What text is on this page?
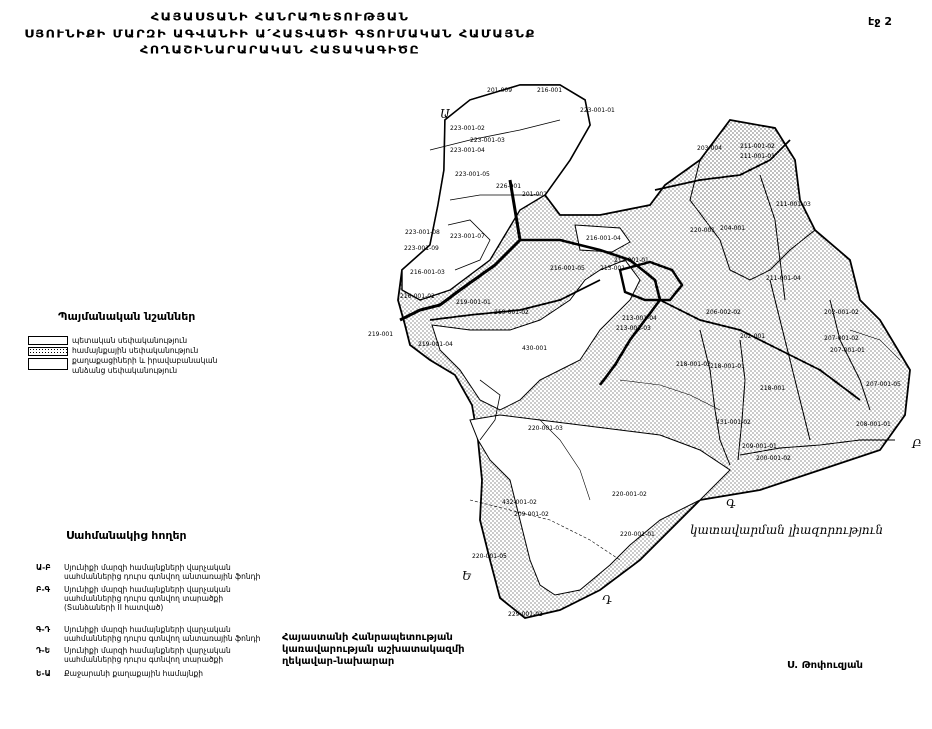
ՀԱՅԱՍՏԱՆԻ ՀԱՆՐԱՊԵՏՈՒԹՅԱՆ
ՍՅՈՒՆԻՔԻ ՄԱՐԶԻ ԱԳՎԱՆԻԻ Ա՛ՀԱՏՎԱԾԻ ԳՏՈՒՄԱԿԱՆ ՀԱՄԱՅՆՔ
ՀՈՂԱՇԻՆԱՐԱՐԱԿԱՆ ՀԱՏԱԿԱԳԻԾԸ
էջ 2
Ա
Բ
Գ
Դ
Ե
կատավարման լիազորություն
201-009	216-001
223-001-01
223-001-02
223-001-03
223-001-04
223-001-05
201-002
226-001
223-001-07
223-001-08
223-001-09
216-001-03
216-001-02
219-001
219-001-04
219-001-01
219-001-02
216-001-05
216-001-04
203-004	211-001-02
211-001-01
211-001-03
220-001 204-001
213-001-01
213-001
213-001-03
213-001-04
206-002-02
202-001
202-001-02
207-001-02
207-001-01
207-001-05
218-001
218-001-02 218-001-01
430-001
431-001-02
209-001-01
200-001-02
208-001-01
220-001-02
220-001-01
220-001-03
220-001-05
432-001-02
209-001-02
229-001-02
211-001-04
Պայմանական նշաններ
պետական սեփականություն
համայնքային սեփականություն
քաղաքացիների և իրավաբանական
անձանց սեփականություն
Սահմանակից հողեր
Ա-Բ Սյունիքի մարզի համայնքների վարչական
սահմաններից դուրս գտնվող անտառային ֆոնդի
Բ-Գ Սյունիքի մարզի համայնքների վարչական
սահմաններից դուրս գտնվող տարածքի
(Տանձաների II հատված)
Գ-Դ Սյունիքի մարզի համայնքների վարչական
սահմաններից դուրս գտնվող անտառային ֆոնդի
Դ-Ե Սյունիքի մարզի համայնքների վարչական
սահմաններից դուրս գտնվող տարածքի
Ե-Ա Քաջարանի քաղաքային համայնքի
Հայաստանի Հանրապետության
կառավարության աշխատակազմի
ղեկավար-նախարար	Ս. Թոփուզյան
